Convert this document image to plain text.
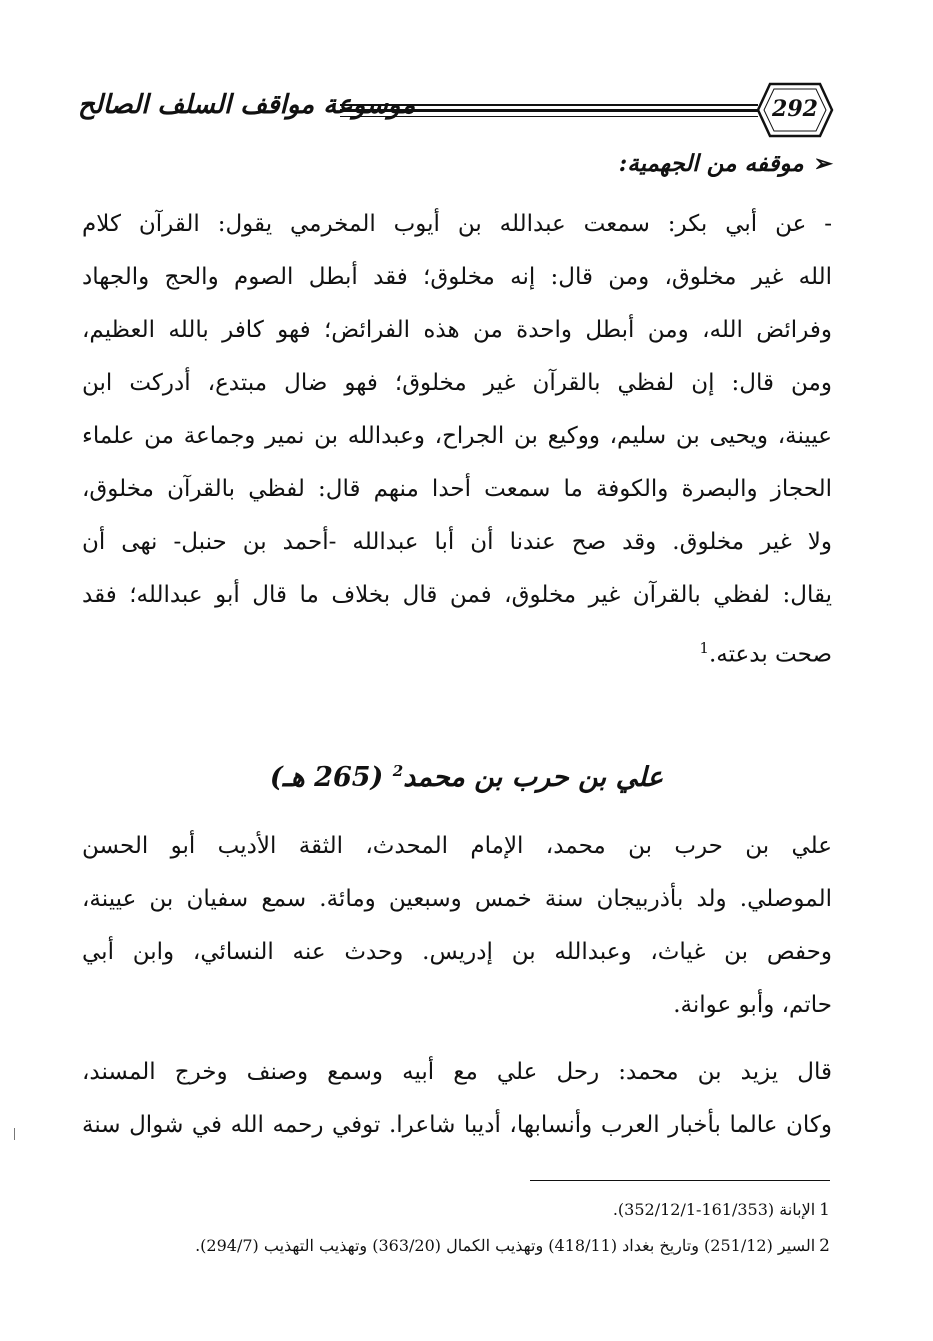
موسوعة مواقف السلف الصالح	292
➢موقفه من الجهمية:
- عن أبي بكر: سمعت عبدالله بن أيوب المخرمي يقول: القرآن كلام
الله غير مخلوق، ومن قال: إنه مخلوق؛ فقد أبطل الصوم والحج والجهاد
وفرائض الله، ومن أبطل واحدة من هذه الفرائض؛ فهو كافر بالله العظيم،
ومن قال: إن لفظي بالقرآن غير مخلوق؛ فهو ضال مبتدع، أدركت ابن
عيينة، ويحيى بن سليم، ووكيع بن الجراح، وعبدالله بن نمير وجماعة من علماء
الحجاز والبصرة والكوفة ما سمعت أحدا منهم قال: لفظي بالقرآن مخلوق،
ولا غير مخلوق. وقد صح عندنا أن أبا عبدالله -أحمد بن حنبل- نهى أن
يقال: لفظي بالقرآن غير مخلوق، فمن قال بخلاف ما قال أبو عبدالله؛ فقد
صحت بدعته.$^1$
علي بن حرب بن محمد$^2$ (265 هـ)
علي بن حرب بن محمد، الإمام المحدث، الثقة الأديب أبو الحسن
الموصلي. ولد بأذربيجان سنة خمس وسبعين ومائة. سمع سفيان بن عيينة،
وحفص بن غياث، وعبدالله بن إدريس. وحدث عنه النسائي، وابن أبي
حاتم، وأبو عوانة.
قال يزيد بن محمد: رحل علي مع أبيه وسمع وصنف وخرج المسند،
وكان عالما بأخبار العرب وأنسابها، أديبا شاعرا. توفي رحمه الله في شوال سنة
1الإبانة (161/353-352/12/1).
2السير (251/12) وتاريخ بغداد (418/11) وتهذيب الكمال (363/20) وتهذيب التهذيب (294/7).
